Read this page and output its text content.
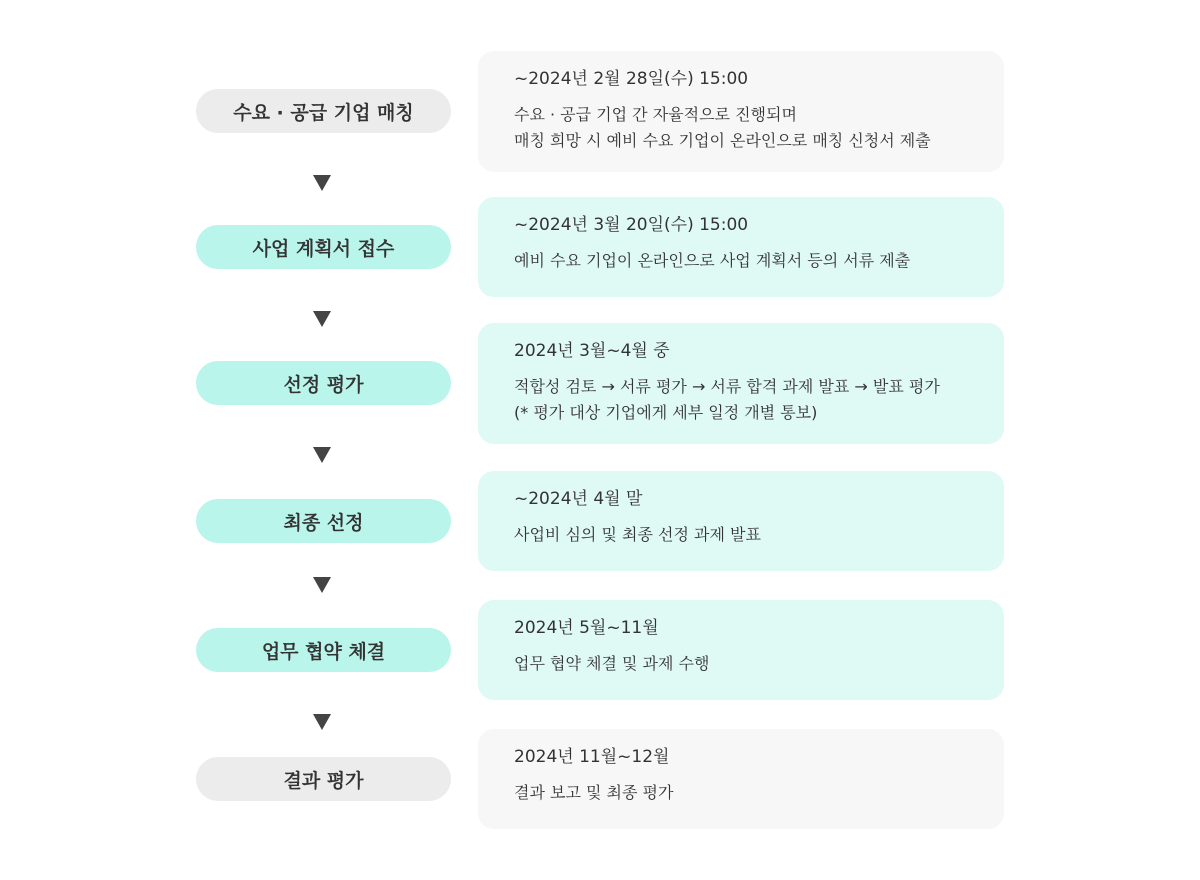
수요 · 공급 기업 매칭
~2024년 2월 28일(수) 15:00
수요 · 공급 기업 간 자율적으로 진행되며
매칭 희망 시 예비 수요 기업이 온라인으로 매칭 신청서 제출
사업 계획서 접수
~2024년 3월 20일(수) 15:00
예비 수요 기업이 온라인으로 사업 계획서 등의 서류 제출
선정 평가
2024년 3월~4월 중
적합성 검토 → 서류 평가 → 서류 합격 과제 발표 → 발표 평가
(* 평가 대상 기업에게 세부 일정 개별 통보)
최종 선정
~2024년 4월 말
사업비 심의 및 최종 선정 과제 발표
업무 협약 체결
2024년 5월~11월
업무 협약 체결 및 과제 수행
결과 평가
2024년 11월~12월
결과 보고 및 최종 평가
